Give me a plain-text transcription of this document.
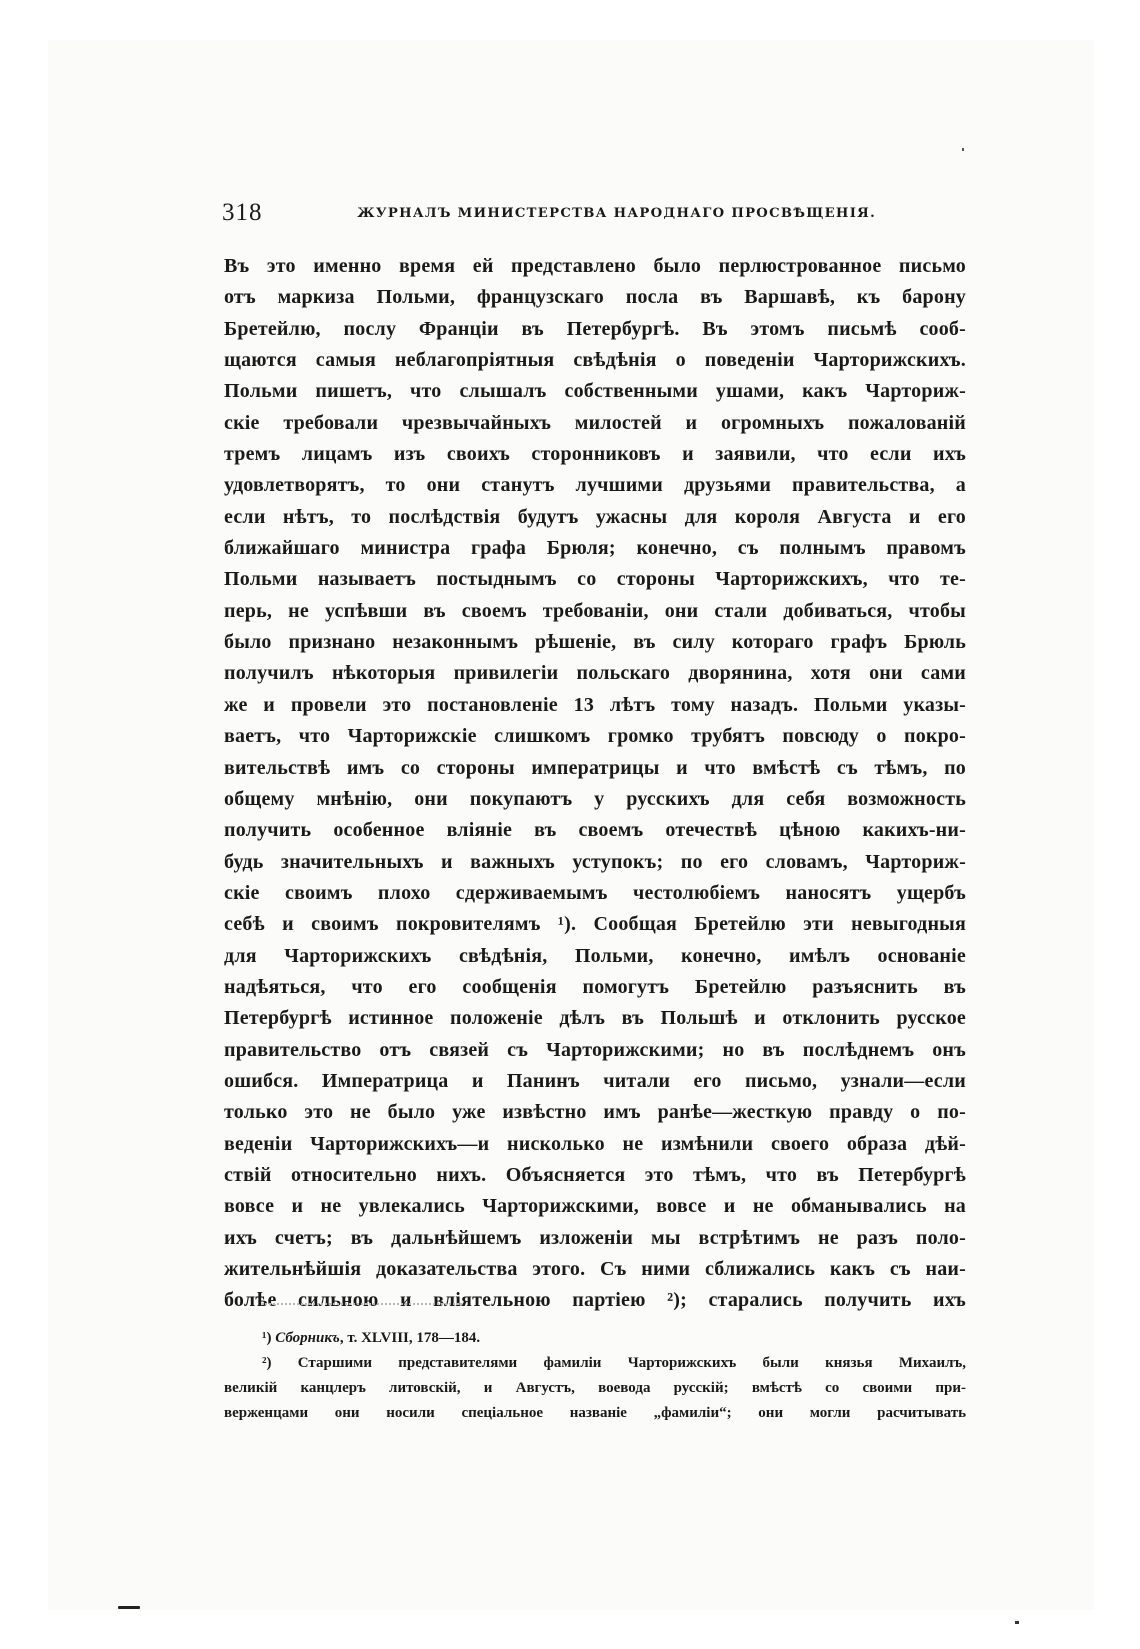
318	ЖУРНАЛЪ МИНИСТЕРСТВА НАРОДНАГО ПРОСВѢЩЕНІЯ.
Въ это именно время ей представлено было перлюстрованное письмо
отъ маркиза Польми, французскаго посла въ Варшавѣ, къ барону
Бретейлю, послу Франціи въ Петербургѣ. Въ этомъ письмѣ сооб-
щаются самыя неблагопріятныя свѣдѣнія о поведеніи Чарторижскихъ.
Польми пишетъ, что слышалъ собственными ушами, какъ Чарториж-
скіе требовали чрезвычайныхъ милостей и огромныхъ пожалованій
тремъ лицамъ изъ своихъ сторонниковъ и заявили, что если ихъ
удовлетворятъ, то они станутъ лучшими друзьями правительства, а
если нѣтъ, то послѣдствія будутъ ужасны для короля Августа и его
ближайшаго министра графа Брюля; конечно, съ полнымъ правомъ
Польми называетъ постыднымъ со стороны Чарторижскихъ, что те-
перь, не успѣвши въ своемъ требованіи, они стали добиваться, чтобы
было признано незаконнымъ рѣшеніе, въ силу котораго графъ Брюль
получилъ нѣкоторыя привилегіи польскаго дворянина, хотя они сами
же и провели это постановленіе 13 лѣтъ тому назадъ. Польми указы-
ваетъ, что Чарторижскіе слишкомъ громко трубятъ повсюду о покро-
вительствѣ имъ со стороны императрицы и что вмѣстѣ съ тѣмъ, по
общему мнѣнію, они покупаютъ у русскихъ для себя возможность
получить особенное вліяніе въ своемъ отечествѣ цѣною какихъ-ни-
будь значительныхъ и важныхъ уступокъ; по его словамъ, Чарториж-
скіе своимъ плохо сдерживаемымъ честолюбіемъ наносятъ ущербъ
себѣ и своимъ покровителямъ ¹). Сообщая Бретейлю эти невыгодныя
для Чарторижскихъ свѣдѣнія, Польми, конечно, имѣлъ основаніе
надѣяться, что его сообщенія помогутъ Бретейлю разъяснить въ
Петербургѣ истинное положеніе дѣлъ въ Польшѣ и отклонить русское
правительство отъ связей съ Чарторижскими; но въ послѣднемъ онъ
ошибся. Императрица и Панинъ читали его письмо, узнали—если
только это не было уже извѣстно имъ ранѣе—жесткую правду о по-
веденіи Чарторижскихъ—и нисколько не измѣнили своего образа дѣй-
ствій относительно нихъ. Объясняется это тѣмъ, что въ Петербургѣ
вовсе и не увлекались Чарторижскими, вовсе и не обманывались на
ихъ счетъ; въ дальнѣйшемъ изложеніи мы встрѣтимъ не разъ поло-
жительнѣйшія доказательства этого. Съ ними сближались какъ съ наи-
болѣе сильною и вліятельною партіею ²); старались получить ихъ
¹) Сборникъ, т. XLVIII, 178—184.
²) Старшими представителями фамиліи Чарторижскихъ были князья Михаилъ,
великій канцлеръ литовскій, и Августъ, воевода русскій; вмѣстѣ со своими при-
верженцами они носили спеціальное названіе „фамиліи“; они могли расчитывать
